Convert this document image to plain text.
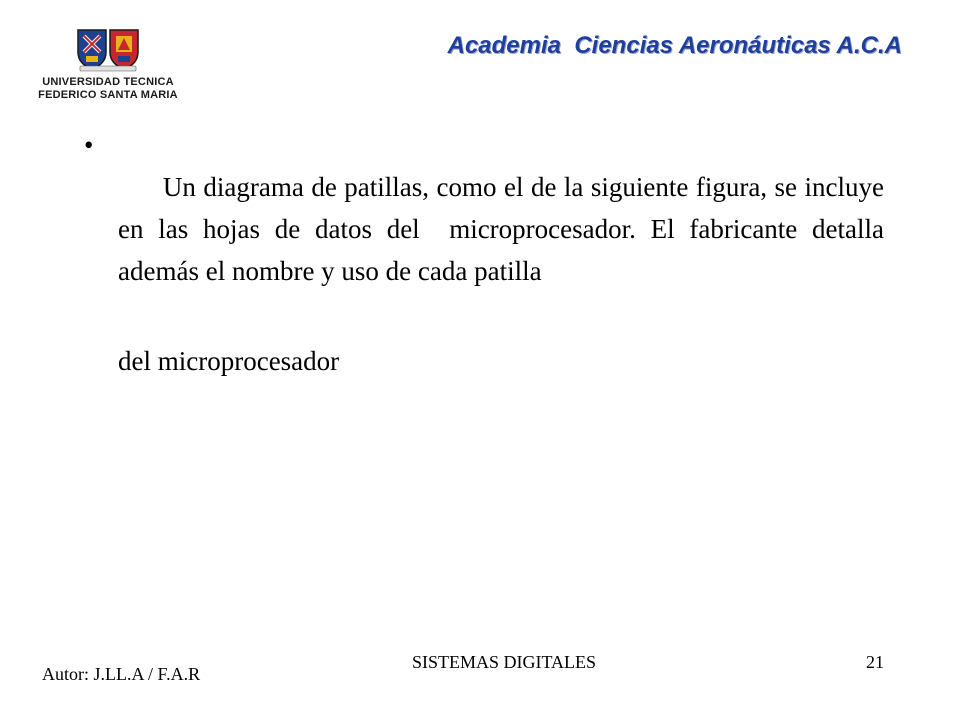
UNIVERSIDAD TECNICA
FEDERICO SANTA MARIA
Academia  Ciencias Aeronáuticas A.C.A
•

Un diagrama de patillas, como el de la siguiente figura, se incluye en las hojas de datos del  microprocesador. El fabricante detalla además el nombre y uso de cada patilla

del microprocesador

Autor: J.LL.A / F.A.R
SISTEMAS DIGITALES	21
